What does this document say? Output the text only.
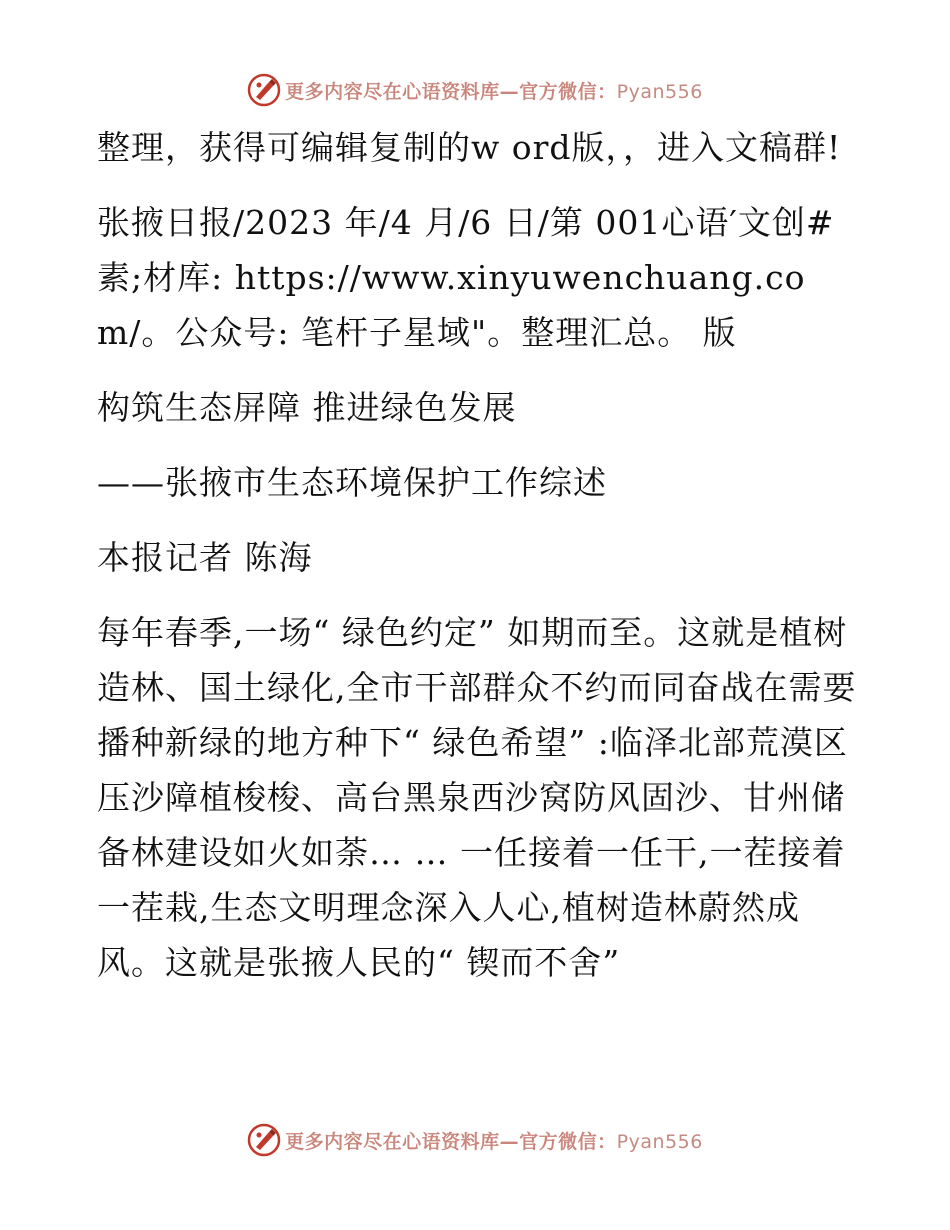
更多内容尽在心语资料库—官方微信：Pyan556

整理，获得可编辑复制的w ord版，，进入文稿群!

张掖日报/2023 年/4 月/6 日/第 001心语′文创#素;材库: https://www.xinyuwenchuang.com/。公众号: 笔杆子星域"。整理汇总。 版

构筑生态屏障 推进绿色发展

——张掖市生态环境保护工作综述

本报记者 陈海

每年春季,一场“ 绿色约定” 如期而至。这就是植树造林、国土绿化,全市干部群众不约而同奋战在需要播种新绿的地方种下“ 绿色希望” :临泽北部荒漠区压沙障植梭梭、高台黑泉西沙窝防风固沙、甘州储备林建设如火如荼… … 一任接着一任干,一茬接着一茬栽,生态文明理念深入人心,植树造林蔚然成风。这就是张掖人民的“ 锲而不舍”

更多内容尽在心语资料库—官方微信：Pyan556
